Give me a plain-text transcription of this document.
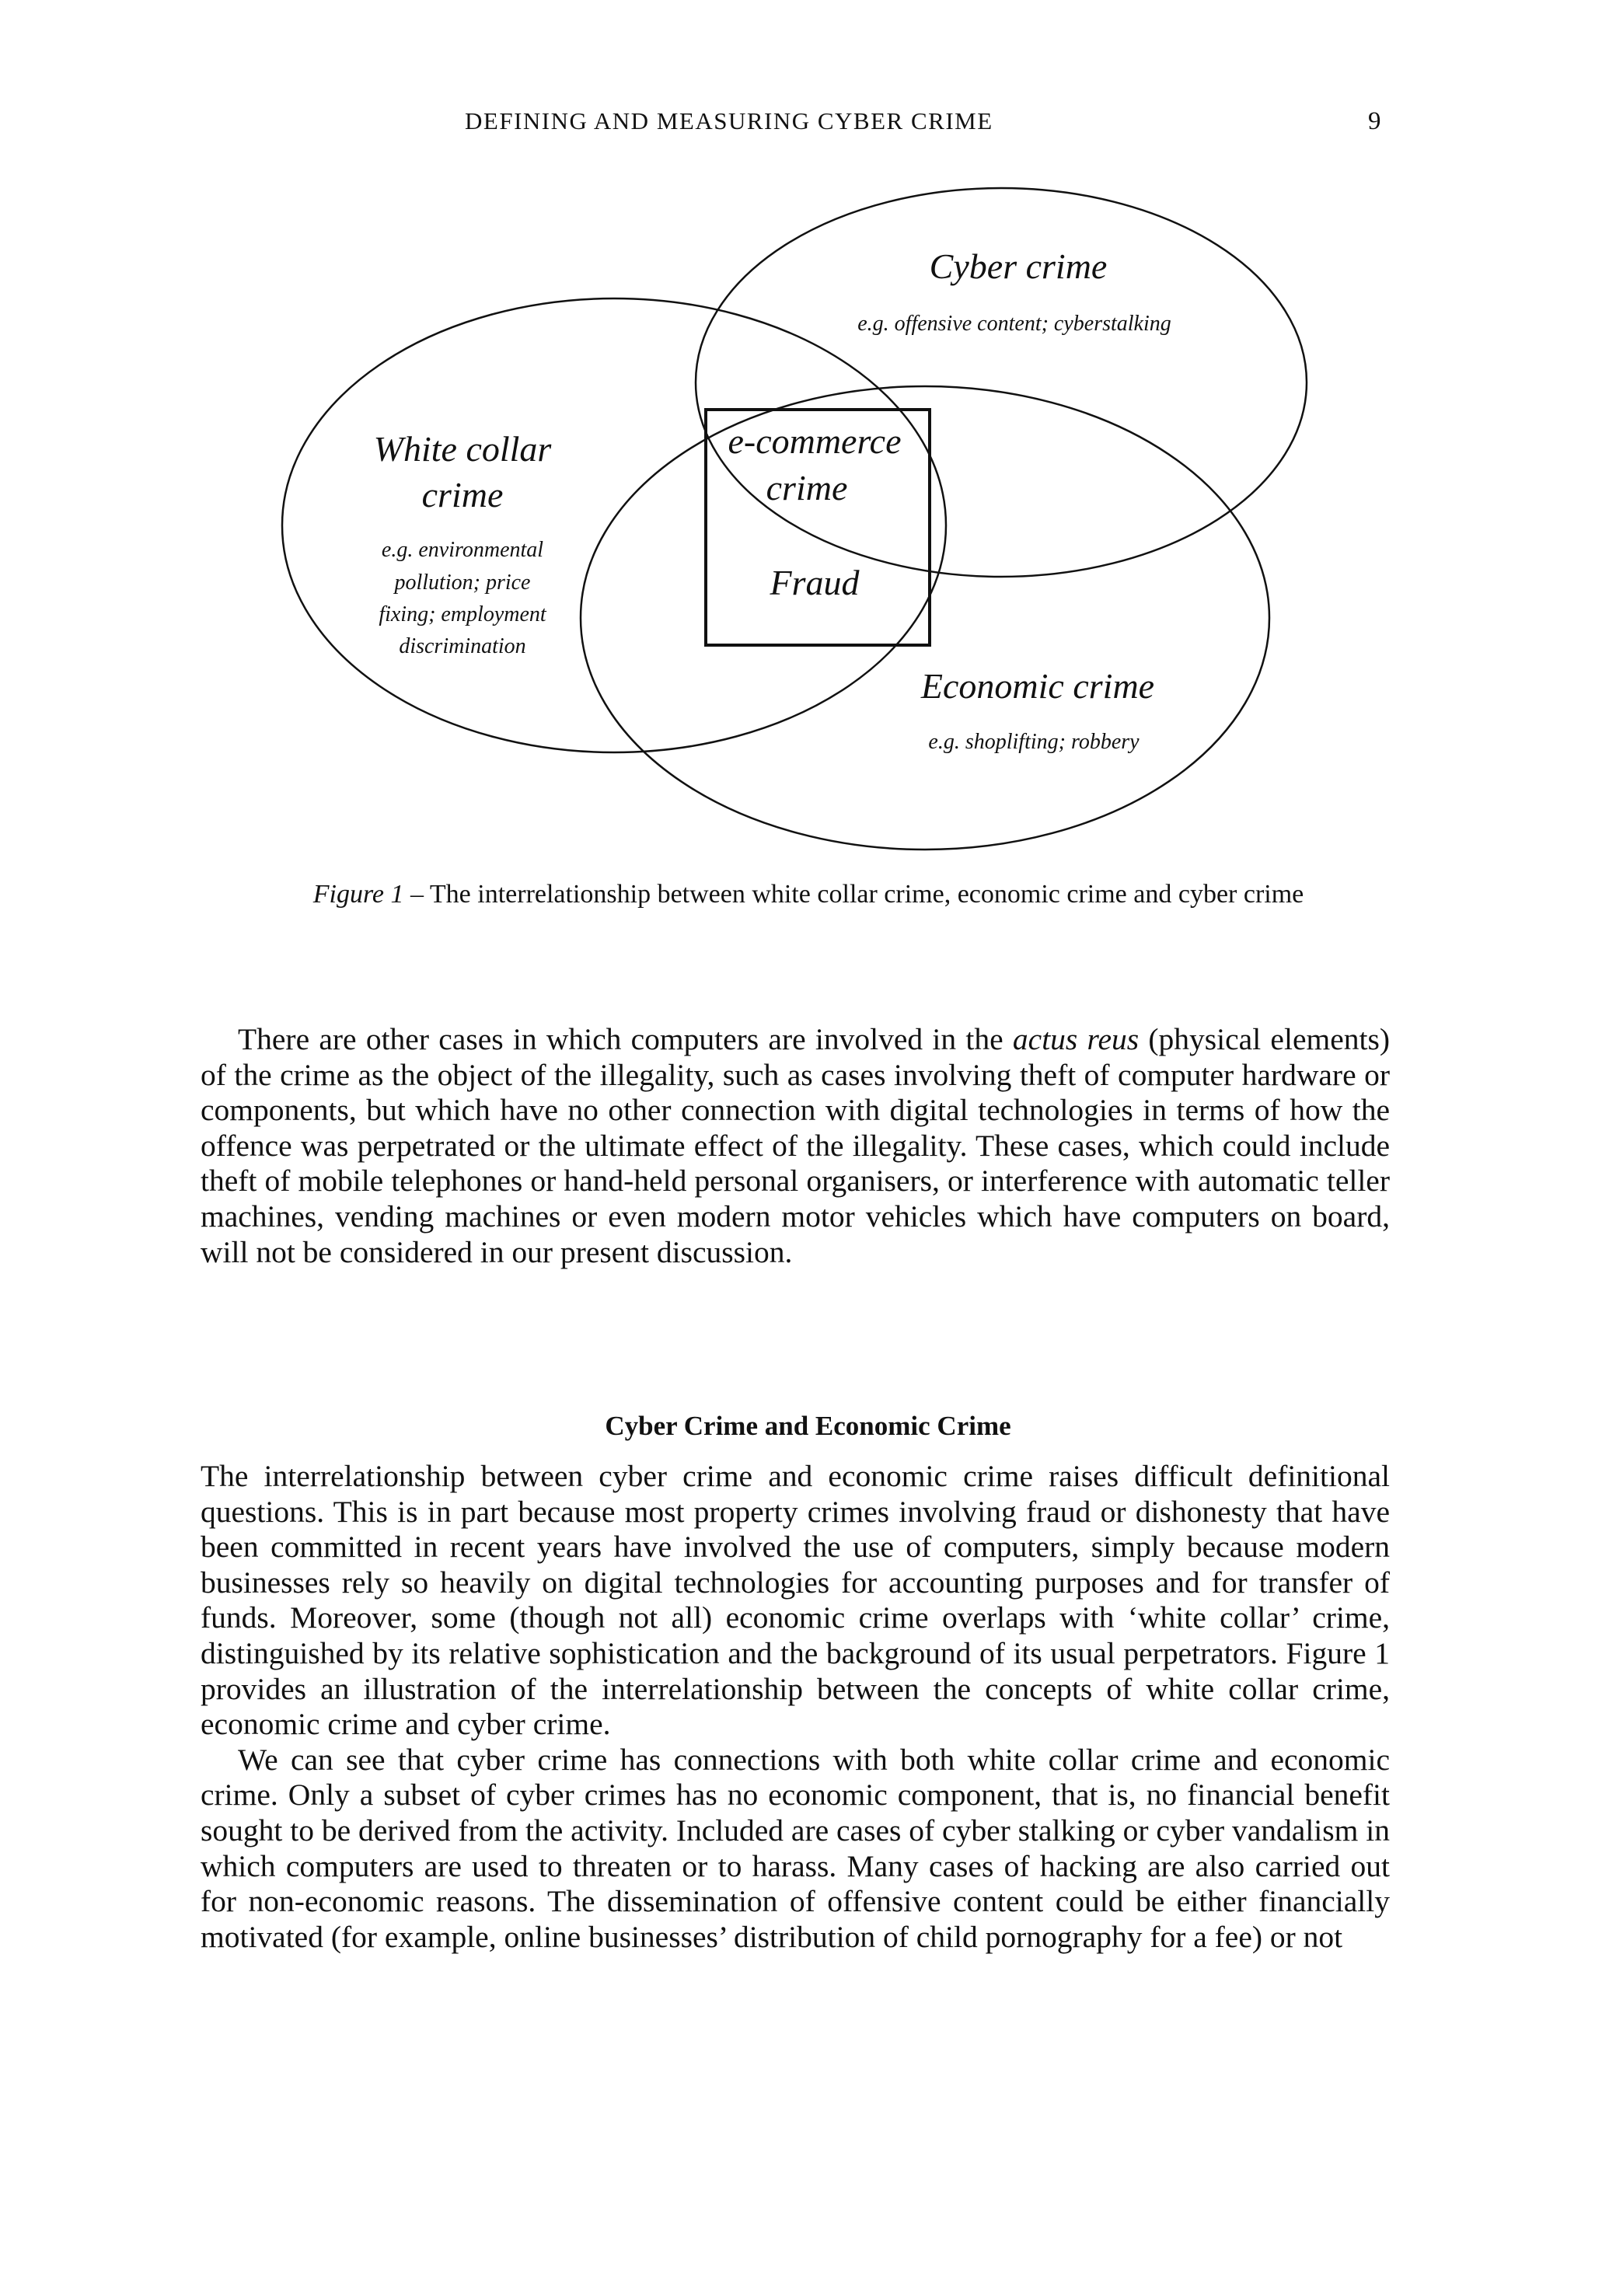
DEFINING AND MEASURING CYBER CRIME	9
Cyber crime
e.g. offensive content; cyberstalking
White collar
crime
e.g. environmental
pollution; price
fixing; employment
discrimination
e-commerce
crime
Fraud
Economic crime
e.g. shoplifting; robbery
Figure 1 – The interrelationship between white collar crime, economic crime and cyber crime

There are other cases in which computers are involved in the actus reus (physical elements) of the crime as the object of the illegality, such as cases involving theft of computer hardware or components, but which have no other connection with digital technologies in terms of how the offence was perpetrated or the ultimate effect of the illegality. These cases, which could include theft of mobile telephones or hand-held personal organisers, or interference with automatic teller machines, vending machines or even modern motor vehicles which have computers on board, will not be considered in our present discussion.

Cyber Crime and Economic Crime

The interrelationship between cyber crime and economic crime raises difficult definitional questions. This is in part because most property crimes involving fraud or dishonesty that have been committed in recent years have involved the use of computers, simply because modern businesses rely so heavily on digital technologies for accounting purposes and for transfer of funds. Moreover, some (though not all) economic crime overlaps with ‘white collar’ crime, distinguished by its relative sophistication and the background of its usual perpetrators. Figure 1 provides an illustration of the interrelationship between the concepts of white collar crime, economic crime and cyber crime.

We can see that cyber crime has connections with both white collar crime and economic crime. Only a subset of cyber crimes has no economic component, that is, no financial benefit sought to be derived from the activity. Included are cases of cyber stalking or cyber vandalism in which computers are used to threaten or to harass. Many cases of hacking are also carried out for non-economic reasons. The dissemination of offensive content could be either financially motivated (for example, online businesses’ distribution of child pornography for a fee) or not
